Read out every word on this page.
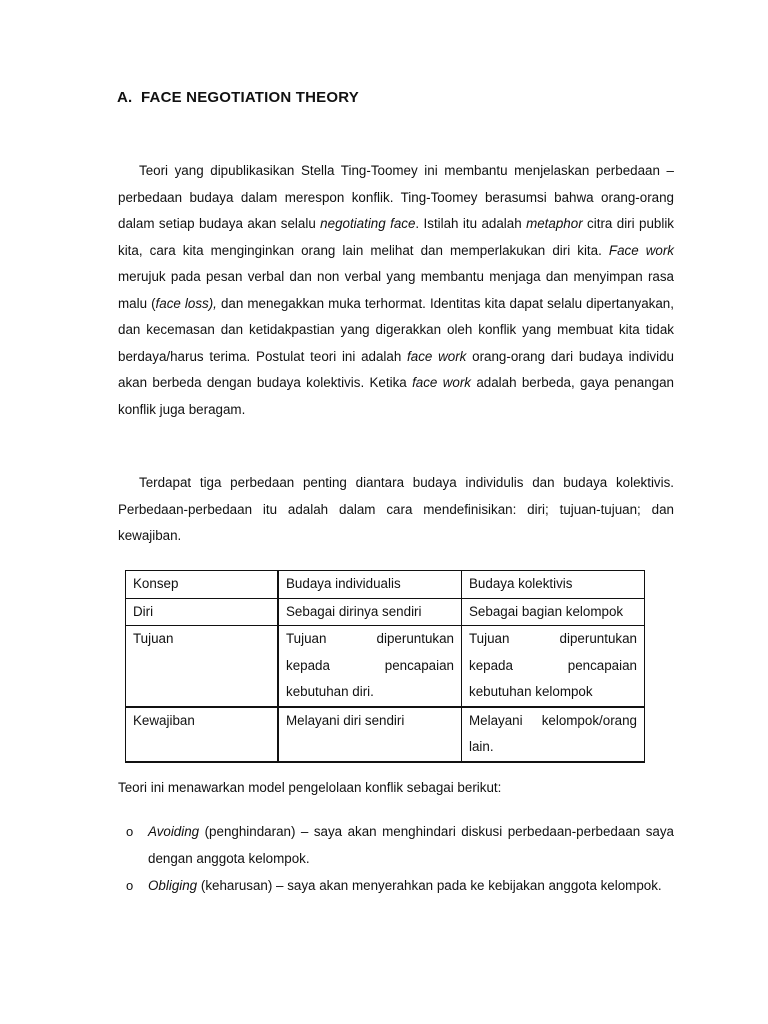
A. FACE NEGOTIATION THEORY

Teori yang dipublikasikan Stella Ting-Toomey ini membantu menjelaskan perbedaan –perbedaan budaya dalam merespon konflik. Ting-Toomey berasumsi bahwa orang-orang dalam setiap budaya akan selalu negotiating face. Istilah itu adalah metaphor citra diri publik kita, cara kita menginginkan orang lain melihat dan memperlakukan diri kita. Face work merujuk pada pesan verbal dan non verbal yang membantu menjaga dan menyimpan rasa malu (face loss), dan menegakkan muka terhormat. Identitas kita dapat selalu dipertanyakan, dan kecemasan dan ketidakpastian yang digerakkan oleh konflik yang membuat kita tidak berdaya/harus terima. Postulat teori ini adalah face work orang-orang dari budaya individu akan berbeda dengan budaya kolektivis. Ketika face work adalah berbeda, gaya penangan konflik juga beragam.

Terdapat tiga perbedaan penting diantara budaya individulis dan budaya kolektivis. Perbedaan-perbedaan itu adalah dalam cara mendefinisikan: diri; tujuan-tujuan; dan kewajiban.

Konsep	Budaya individualis	Budaya kolektivis
Diri	Sebagai dirinya sendiri	Sebagai bagian kelompok
Tujuan	Tujuan diperuntukan kepada pencapaian kebutuhan diri.	Tujuan diperuntukan kepada pencapaian kebutuhan kelompok
Kewajiban	Melayani diri sendiri	Melayani kelompok/orang lain.

Teori ini menawarkan model pengelolaan konflik sebagai berikut:

o Avoiding (penghindaran) – saya akan menghindari diskusi perbedaan-perbedaan saya dengan anggota kelompok.
o Obliging (keharusan) – saya akan menyerahkan pada ke kebijakan anggota kelompok.
